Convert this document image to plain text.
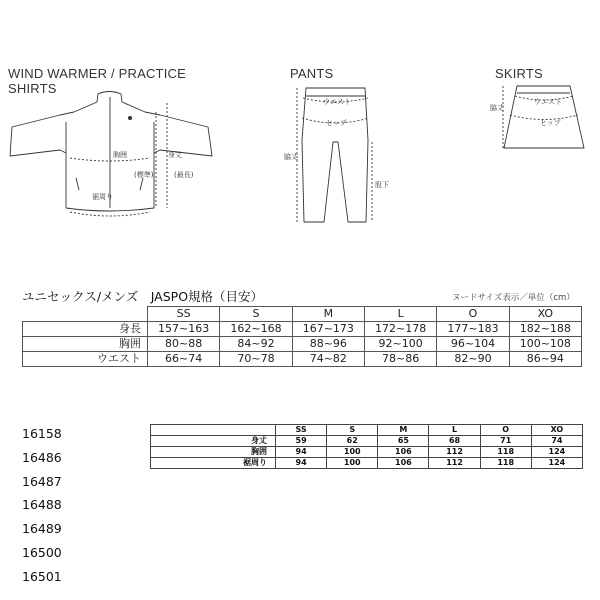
WIND WARMER / PRACTICE
SHIRTS
PANTS	SKIRTS
胸囲	身丈
(標準)	(最長)
裾周り
ウエスト
ヒップ
脇丈
股下
脇丈
ウエスト
ヒップ
ユニセックス/メンズ　JASPO規格（目安）	ヌードサイズ表示／単位（cm）
	SS	S	M	L	O	XO
身長	157~163	162~168	167~173	172~178	177~183	182~188
胸囲	80~88	84~92	88~96	92~100	96~104	100~108
ウエスト	66~74	70~78	74~82	78~86	82~90	86~94
16158
16486
16487
16488
16489
16500
16501
	SS	S	M	L	O	XO
身丈	59	62	65	68	71	74
胸囲	94	100	106	112	118	124
裾周り	94	100	106	112	118	124
